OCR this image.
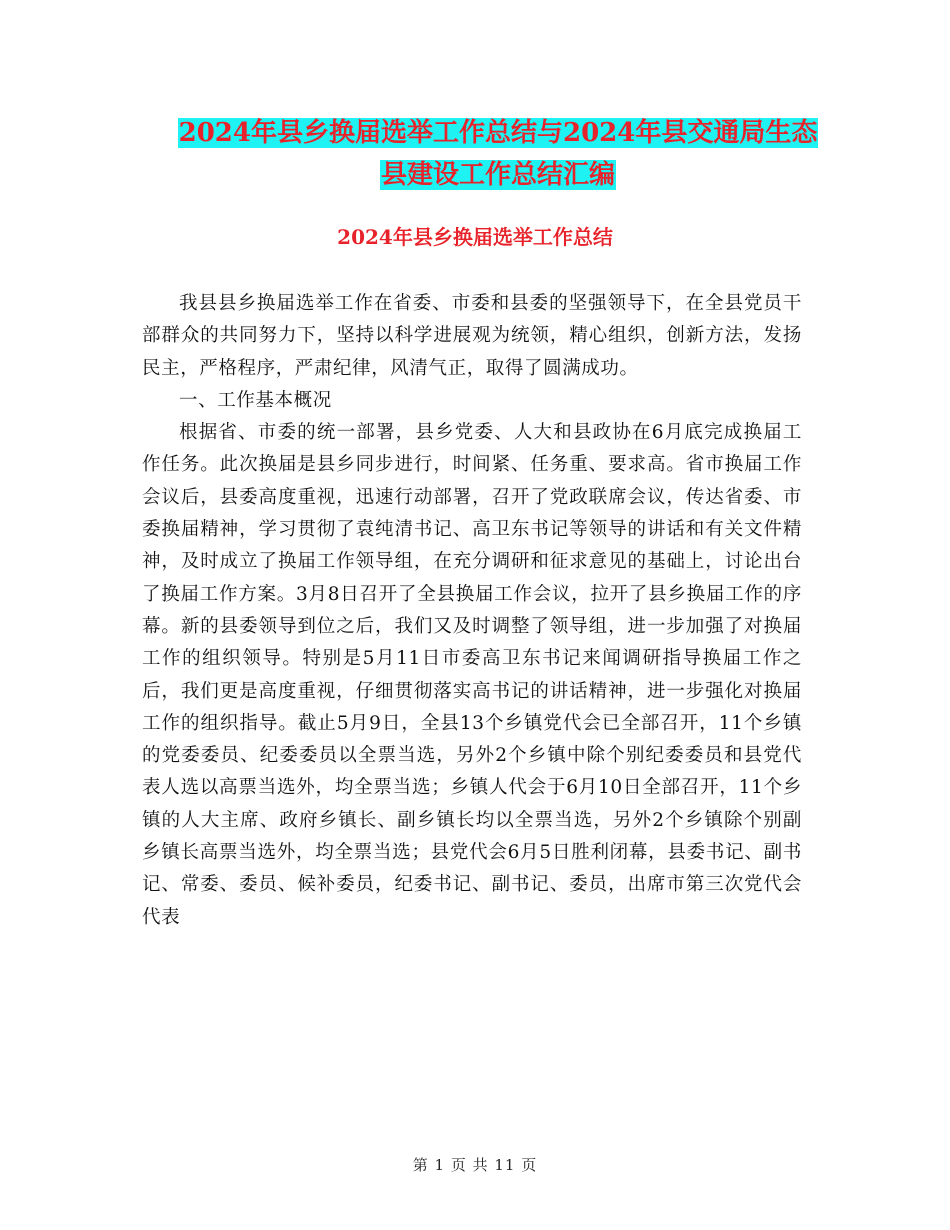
2024年县乡换届选举工作总结与2024年县交通局生态
县建设工作总结汇编
2024年县乡换届选举工作总结

我县县乡换届选举工作在省委、市委和县委的坚强领导下，在全县党员干部群众的共同努力下，坚持以科学进展观为统领，精心组织，创新方法，发扬民主，严格程序，严肃纪律，风清气正，取得了圆满成功。

一、工作基本概况

根据省、市委的统一部署，县乡党委、人大和县政协在6月底完成换届工作任务。此次换届是县乡同步进行，时间紧、任务重、要求高。省市换届工作会议后，县委高度重视，迅速行动部署，召开了党政联席会议，传达省委、市委换届精神，学习贯彻了袁纯清书记、高卫东书记等领导的讲话和有关文件精神，及时成立了换届工作领导组，在充分调研和征求意见的基础上，讨论出台了换届工作方案。3月8日召开了全县换届工作会议，拉开了县乡换届工作的序幕。新的县委领导到位之后，我们又及时调整了领导组，进一步加强了对换届工作的组织领导。特别是5月11日市委高卫东书记来闻调研指导换届工作之后，我们更是高度重视，仔细贯彻落实高书记的讲话精神，进一步强化对换届工作的组织指导。截止5月9日，全县13个乡镇党代会已全部召开，11个乡镇的党委委员、纪委委员以全票当选，另外2个乡镇中除个别纪委委员和县党代表人选以高票当选外，均全票当选；乡镇人代会于6月10日全部召开，11个乡镇的人大主席、政府乡镇长、副乡镇长均以全票当选，另外2个乡镇除个别副乡镇长高票当选外，均全票当选；县党代会6月5日胜利闭幕，县委书记、副书记、常委、委员、候补委员，纪委书记、副书记、委员，出席市第三次党代会代表

第 1 页 共 11 页
